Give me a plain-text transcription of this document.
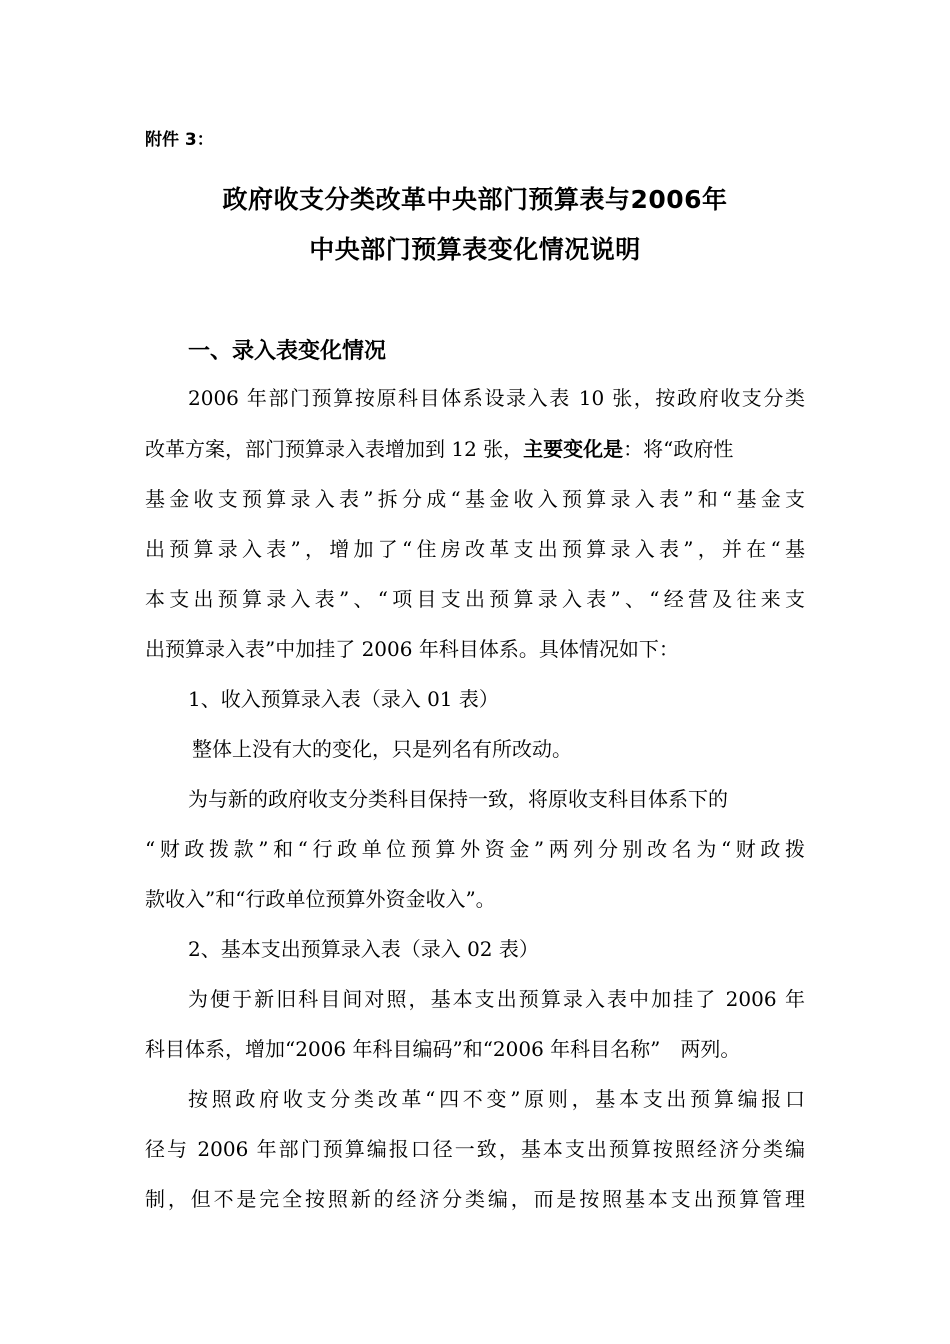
附件 3：
政府收支分类改革中央部门预算表与2006年
中央部门预算表变化情况说明
一、录入表变化情况
2006 年部门预算按原科目体系设录入表 10 张，按政府收支分类
改革方案，部门预算录入表增加到 12 张，主要变化是：将“政府性
基金收支预算录入表”拆分成“基金收入预算录入表”和“基金支
出预算录入表”，增加了“住房改革支出预算录入表”，并在“基
本支出预算录入表”、“项目支出预算录入表”、“经营及往来支
出预算录入表”中加挂了 2006 年科目体系。具体情况如下：
1、收入预算录入表（录入 01 表）
整体上没有大的变化，只是列名有所改动。
为与新的政府收支分类科目保持一致，将原收支科目体系下的
“财政拨款”和“行政单位预算外资金”两列分别改名为“财政拨
款收入”和“行政单位预算外资金收入”。
2、基本支出预算录入表（录入 02 表）
为便于新旧科目间对照，基本支出预算录入表中加挂了 2006 年
科目体系，增加“2006 年科目编码”和“2006 年科目名称”　两列。
按照政府收支分类改革“四不变”原则，基本支出预算编报口
径与 2006 年部门预算编报口径一致，基本支出预算按照经济分类编
制，但不是完全按照新的经济分类编，而是按照基本支出预算管理
